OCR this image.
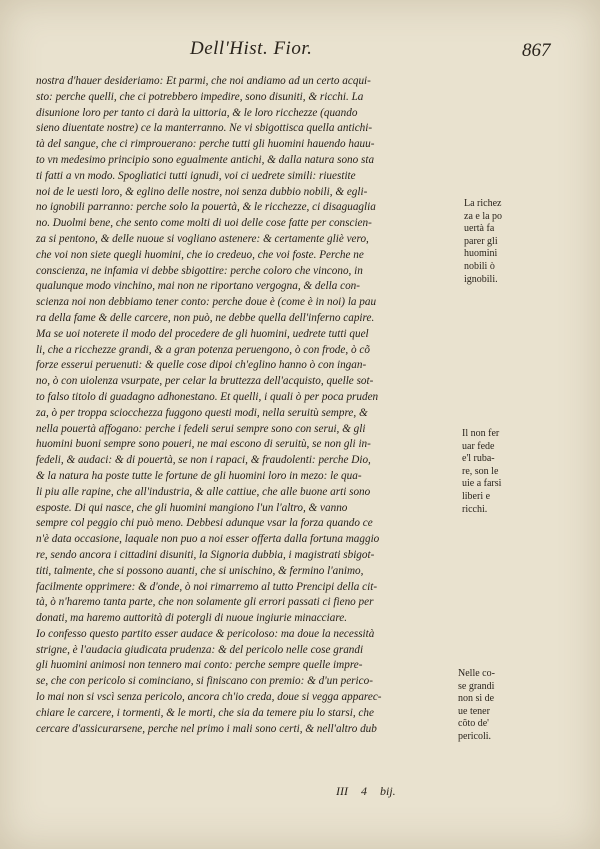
Dell'Hist. Fior.	867
nostra d'hauer desideriamo: Et parmi, che noi andiamo ad un certo acqui-
sto: perche quelli, che ci potrebbero impedire, sono disuniti, & ricchi. La
disunione loro per tanto ci darà la uittoria, & le loro ricchezze (quando
sieno diuentate nostre) ce la manterranno. Ne vi sbigottisca quella antichi-
tà del sangue, che ci rimprouerano: perche tutti gli huomini hauendo hauu-
to vn medesimo principio sono egualmente antichi, & dalla natura sono sta
ti fatti a vn modo. Spogliatici tutti ignudi, voi ci uedrete simili: riuestite
noi de le uesti loro, & eglino delle nostre, noi senza dubbio nobili, & egli-
no ignobili parranno: perche solo la pouertà, & le ricchezze, ci disaguaglia
no. Duolmi bene, che sento come molti di uoi delle cose fatte per conscien-
za si pentono, & delle nuoue si vogliano astenere: & certamente gliè vero,
che voi non siete quegli huomini, che io credeuo, che voi foste. Perche ne
conscienza, ne infamia vi debbe sbigottire: perche coloro che vincono, in
qualunque modo vinchino, mai non ne riportano vergogna, & della con-
scienza noi non debbiamo tener conto: perche doue è (come è in noi) la pau
ra della fame & delle carcere, non può, ne debbe quella dell'inferno capire.
Ma se uoi noterete il modo del procedere de gli huomini, uedrete tutti quel
li, che a ricchezze grandi, & a gran potenza peruengono, ò con frode, ò cõ
forze esserui peruenuti: & quelle cose dipoi ch'eglino hanno ò con ingan-
no, ò con uiolenza vsurpate, per celar la bruttezza dell'acquisto, quelle sot-
to falso titolo di guadagno adhonestano. Et quelli, i quali ò per poca pruden
za, ò per troppa sciocchezza fuggono questi modi, nella seruitù sempre, &
nella pouertà affogano: perche i fedeli serui sempre sono con serui, & gli
huomini buoni sempre sono poueri, ne mai escono di seruitù, se non gli in-
fedeli, & audaci: & di pouertà, se non i rapaci, & fraudolenti: perche Dio,
& la natura ha poste tutte le fortune de gli huomini loro in mezo: le qua-
li piu alle rapine, che all'industria, & alle cattiue, che alle buone arti sono
esposte. Di qui nasce, che gli huomini mangiono l'un l'altro, & vanno
sempre col peggio chi può meno. Debbesi adunque vsar la forza quando ce
n'è data occasione, laquale non puo a noi esser offerta dalla fortuna maggio
re, sendo ancora i cittadini disuniti, la Signoria dubbia, i magistrati sbigot-
titi, talmente, che si possono auanti, che si unischino, & fermino l'animo,
facilmente opprimere: & d'onde, ò noi rimarremo al tutto Prencipi della cit-
tà, ò n'haremo tanta parte, che non solamente gli errori passati ci fieno per
donati, ma haremo auttorità di potergli di nuoue ingiurie minacciare.
Io confesso questo partito esser audace & pericoloso: ma doue la necessità
strigne, è l'audacia giudicata prudenza: & del pericolo nelle cose grandi
gli huomini animosi non tennero mai conto: perche sempre quelle impre-
se, che con pericolo si cominciano, si finiscano con premio: & d'un perico-
lo mai non si vscì senza pericolo, ancora ch'io creda, doue si vegga appareс-
chiare le carcere, i tormenti, & le morti, che sia da temere piu lo starsi, che
cercare d'assicurarsene, perche nel primo i mali sono certi, & nell'altro dub
La richez
za e la po
uertà fa
parer gli
huomini
nobili ò
ignobili.
Il non fer
uar fede
e'l ruba-
re, son le
uie a farsi
liberi e
ricchi.
Nelle co-
se grandi
non si de
ue tener
cõto de'
pericoli.
III 4 bij.
